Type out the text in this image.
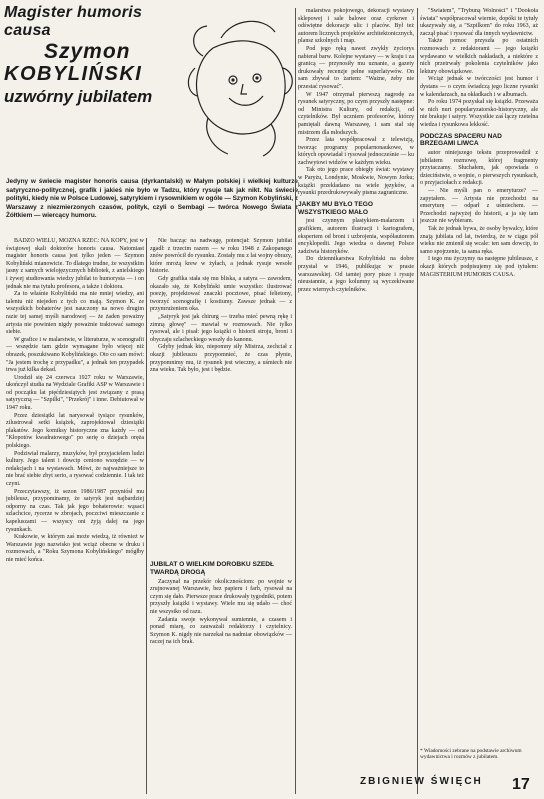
Magister humoris causa
Szymon
KOBYLIŃSKI
uzwórny jubilatem
Jedyny w świecie magister honoris causa (dyrkantalski) w Małym polskiej i wielkiej kulturze satyryczno-politycznej, grafik i jakieś nie było w Tadzu, który rysuje tak jak nikt. Na świecie polityki, kiedy nie w Polsce Ludowej, satyrykiem i rysownikiem w ogóle — Szymon Kobyliński, z Warszawy z niezmierzonych czasów, polityk, czyli o Sembagi — twórca Nowego Świata z Żółtkiem — wiercący humoru.

BADZO WIELU, MOŻNA RZEC: NA KOPY, jest w świątowej skali doktorów honoris causa. Natomiast magister honoris causa jest tylko jeden — Szymon Kobyliński mianowicie. To dlatego trudne, że wszystkim jasny z samych wielojęzycznych bibliotek, z anielskiego i żywej studiowania wiedzy jubilat to humorysta — i on jednak nie ma tytułu profesora, a także i doktora.

Za to właśnie Kobyliński ma nie mniej wiedzy, ani talentu niż niejeden z tych co mają. Szymon K. ze wszystkich bohaterów jest nauczony na nowo drugim razie tej samej myśli narodowej — że żaden poważny artysta nie powinien nigdy poważnie traktować samego siebie.

W grafice i w malarstwie, w literaturze, w scenografii — wszędzie tam gdzie wymagane było więcej niż obrazek, poszukiwano Kobylińskiego. Oto co sam mówi: "Ja jestem trochę z przypadku", a jednak ten przypadek trwa już kilka dekad.

Urodził się 24 czerwca 1927 roku w Warszawie, ukończył studia na Wydziale Grafiki ASP w Warszawie i od początku lat pięćdziesiątych jest związany z prasą satyryczną — "Szpilki", "Przekrój" i inne. Debiutował w 1947 roku.

Przez dziesiątki lat narysował tysiące rysunków, zilustrował setki książek, zaprojektował dziesiątki plakatów. Jego komiksy historyczne zna każdy — od "Kłopotów kwadratowego" po serię o dziejach oręża polskiego.

Podziwiał malarzy, muzyków, był przyjacielem ludzi kultury. Jego talent i dowcip ceniono wszędzie — w redakcjach i na wystawach. Mówi, że najważniejsze to nie brać siebie zbyt serio, a rysować codziennie. I tak też czyni.

Przeczytawszy, iż sezon 1986/1987 przyniósł mu jubileusz, przypominamy, że satyryk jest najbardziej odporny na czas. Tak jak jego bohaterowie: wąsaci szlachcice, rycerze w zbrojach, poczciwi mieszczanie z kapeluszami — wszyscy oni żyją dalej na jego rysunkach.

Krakowie, w którym zaś może wiedzą, iż również w Warszawie jego nazwisko jest wciąż obecne w druku i rozmowach, a "Roku Szymona Kobylińskiego" mógłby nie mieć końca.

Nie bacząc na nadwagę, potencjał: Szymon jubilat zgadł: z trzecim razem — w roku 1948 z Zakopanego znów powrócił do rysunku. Zostały mu z lat wojny obrazy, które mrożą krew w żyłach, a jednak rysuje wesołe historie.

Gdy grafika stała się mu bliska, a satyra — zawodem, okazało się, że Kobyliński umie wszystko: ilustrować poezję, projektować znaczki pocztowe, pisać felietony, tworzyć scenografię i kostiumy. Zawsze jednak — z przymrużeniem oka.

„Satyryk jest jak chirurg — trzeba mieć pewną rękę i zimną głowę" — mawiał w rozmowach. Nie tylko rysował, ale i pisał: jego książki o historii stroju, broni i obyczaju szlacheckiego weszły do kanonu.

Gdyby jednak kto, niepomny siły Mistrza, zechciał z okazji jubileuszu przypomnieć, że czas płynie, przypomnimy mu, iż rysunek jest wieczny, a uśmiech nie zna wieku. Tak było, jest i będzie.

JUBILAT O WIELKIM DOROBKU SZEDŁ TWARDĄ DROGĄ

Zaczynał na przekór okolicznościom: po wojnie w zrujnowanej Warszawie, bez papieru i farb, rysował na czym się dało. Pierwsze prace drukowały tygodniki, potem przyszły książki i wystawy. Wiele mu się udało — choć nie wszystko od razu.

Zadania swoje wykonywał sumiennie, a czasem i ponad miarę, co zauważali redaktorzy i czytelnicy. Szymon K. nigdy nie narzekał na nadmiar obowiązków — raczej na ich brak.

malarstwa pokojowego, dekoracji wystawy sklepowej i sale balowe oraz cyrkowe i odświętne dekoracje ulic i placów. Był też autorem licznych projektów architektonicznych, plansz szkolnych i map.

Pod jego ręką nawet zwykły życiorys nabierał barw. Kolejne wystawy — w kraju i za granicą — przynosiły mu uznanie, a gazety drukowały recenzje pełne superlatywów. On sam zbywał to żartem: "Ważne, żeby nie przestać rysować".

W 1947 otrzymał pierwszą nagrodę za rysunek satyryczny, po czym przyszły następne: od Ministra Kultury, od redakcji, od czytelników. Był uczniem profesorów, którzy pamiętali dawną Warszawę, i sam stał się mistrzem dla młodszych.

Przez lata współpracował z telewizją, tworząc programy popularnonaukowe, w których opowiadał i rysował jednocześnie — ku zachwytowi widzów w każdym wieku.

Tak oto jego prace obiegły świat: wystawy w Paryżu, Londynie, Moskwie, Nowym Jorku; książki przekładano na wiele języków, a rysunki przedrukowywały pisma zagraniczne.

JAKBY MU BYŁO TEGO WSZYSTKIEGO MAŁO

jest czynnym plastykiem-malarzem i grafikiem, autorem ilustracji i kartografem, ekspertem od broni i uzbrojenia, współautorem encyklopedii. Jego wiedza o dawnej Polsce zadziwia historyków.

Do dziennikarstwa Kobyliński na dobre przystał w 1946, publikując w prasie warszawskiej. Od tamtej pory pisze i rysuje nieustannie, a jego kolumny są wyczekiwane przez wiernych czytelników.

"Światem", "Trybuną Wolności" i "Dookoła świata" współpracował wiernie, dopóki te tytuły ukazywały się, a "Szpilkom" do roku 1963, aż zaczął pisać i rysować dla innych wydawnictw.

Także pomoc przyszła po ostatnich rozmowach z redaktorami — jego książki wydawano w wielkich nakładach, a niektóre z nich przetrwały pokolenia czytelników jako lektury obowiązkowe.

Wciąż jednak w twórczości jest humor i dystans — o czym świadczą jego liczne rysunki w kalendarzach, na okładkach i w albumach.

Po roku 1974 pozyskał się książki. Przeważa w nich nurt popularyzatorsko-historyczny, ale nie brakuje i satyry. Wszystkie zaś łączy rzetelna wiedza i rysunkowa lekkość.

PODCZAS SPACERU NAD BRZEGAMI LIWCA

autor niniejszego tekstu przeprowadził z jubilatem rozmowę, której fragmenty przytaczamy. Słuchałem, jak opowiada o dzieciństwie, o wojnie, o pierwszych rysunkach, o przyjaciołach z redakcji.

— Nie myśli pan o emeryturze? — zapytałem. — Artysta nie przechodzi na emeryturę — odparł z uśmiechem. — Przechodzi najwyżej do historii, a ja się tam jeszcze nie wybieram.

Tak że jednak bywa, że osoby bywalcy, które znają jubilata od lat, twierdzą, że w ciągu pół wieku nie zmienił się wcale: ten sam dowcip, to samo spojrzenie, ta sama ręka.

I tego mu życzymy na następne jubileusze, z okazji których podpisujemy się pod tytułem: MAGISTERIUM HUMORIS CAUSA.

* Wiadomości zebrane na podstawie archiwum wydawnictwa i rozmów z jubilatem.
ZBIGNIEW ŚWIĘCH 17
